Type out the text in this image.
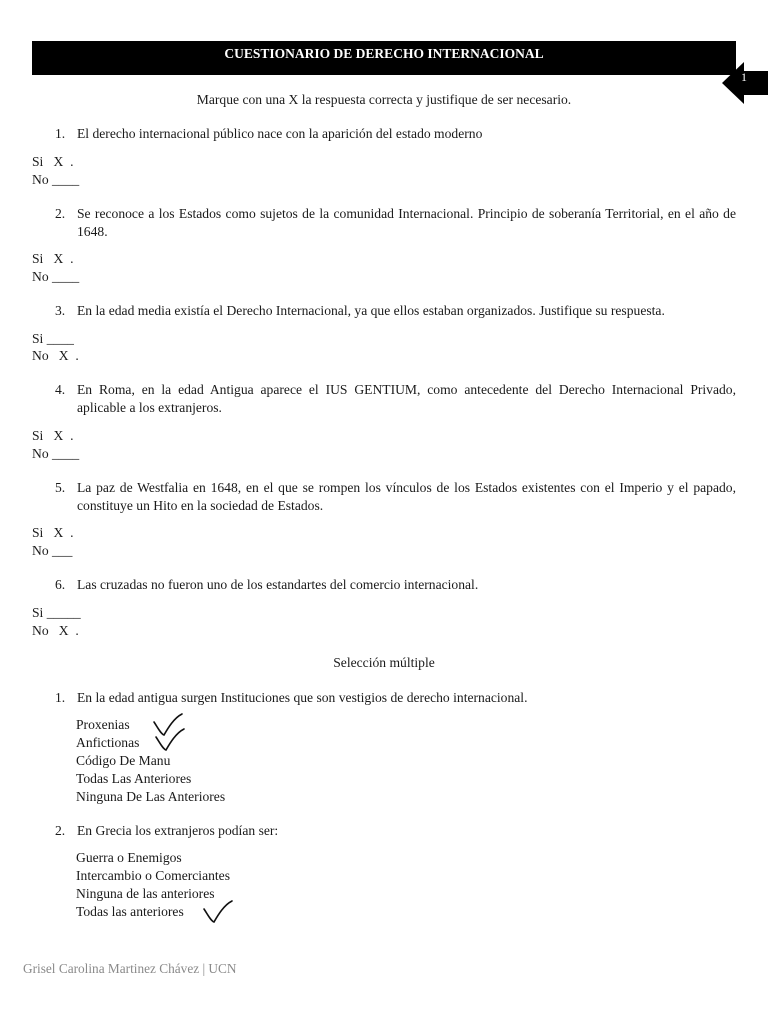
CUESTIONARIO DE DERECHO INTERNACIONAL
1
Marque con una X la respuesta correcta y justifique de ser necesario.
1. El derecho internacional público nace con la aparición del estado moderno
Si   X  .
No ____
2. Se reconoce a los Estados como sujetos de la comunidad Internacional. Principio de soberanía Territorial, en el año de 1648.
Si   X  .
No ____
3. En la edad media existía el Derecho Internacional, ya que ellos estaban organizados. Justifique su respuesta.
Si ____
No   X  .
4. En Roma, en la edad Antigua aparece el IUS GENTIUM, como antecedente del Derecho Internacional Privado, aplicable a los extranjeros.
Si   X  .
No ____
5. La paz de Westfalia en 1648, en el que se rompen los vínculos de los Estados existentes con el Imperio y el papado, constituye un Hito en la sociedad de Estados.
Si   X  .
No ___
6. Las cruzadas no fueron uno de los estandartes del comercio internacional.
Si _____
No   X  .
Selección múltiple
1. En la edad antigua surgen Instituciones que son vestigios de derecho internacional.
Proxenias
Anfictionas
Código De Manu
Todas Las Anteriores
Ninguna De Las Anteriores
2. En Grecia los extranjeros podían ser:
Guerra o Enemigos
Intercambio o Comerciantes
Ninguna de las anteriores
Todas las anteriores
Grisel Carolina Martinez Chávez | UCN
